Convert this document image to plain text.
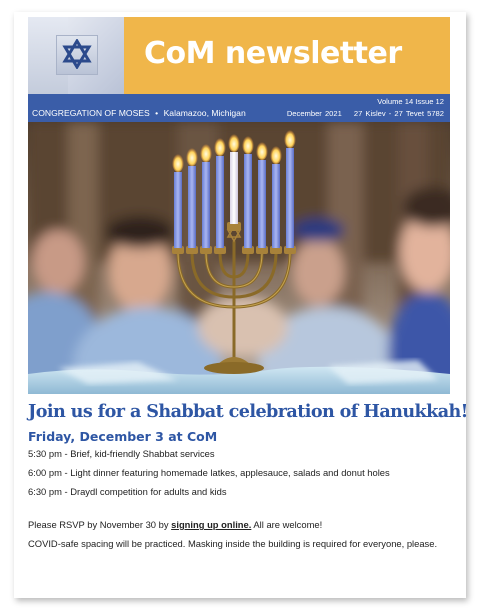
CoM newsletter
CONGREGATION OF MOSES • Kalamazoo, Michigan
Volume 14 Issue 12
December 2021 27 Kislev - 27 Tevet 5782
Join us for a Shabbat celebration of Hanukkah!
Friday, December 3 at CoM
5:30 pm - Brief, kid-friendly Shabbat services
6:00 pm - Light dinner featuring homemade latkes, applesauce, salads and donut holes
6:30 pm - Draydl competition for adults and kids
Please RSVP by November 30 by signing up online. All are welcome!
COVID-safe spacing will be practiced. Masking inside the building is required for everyone, please.
